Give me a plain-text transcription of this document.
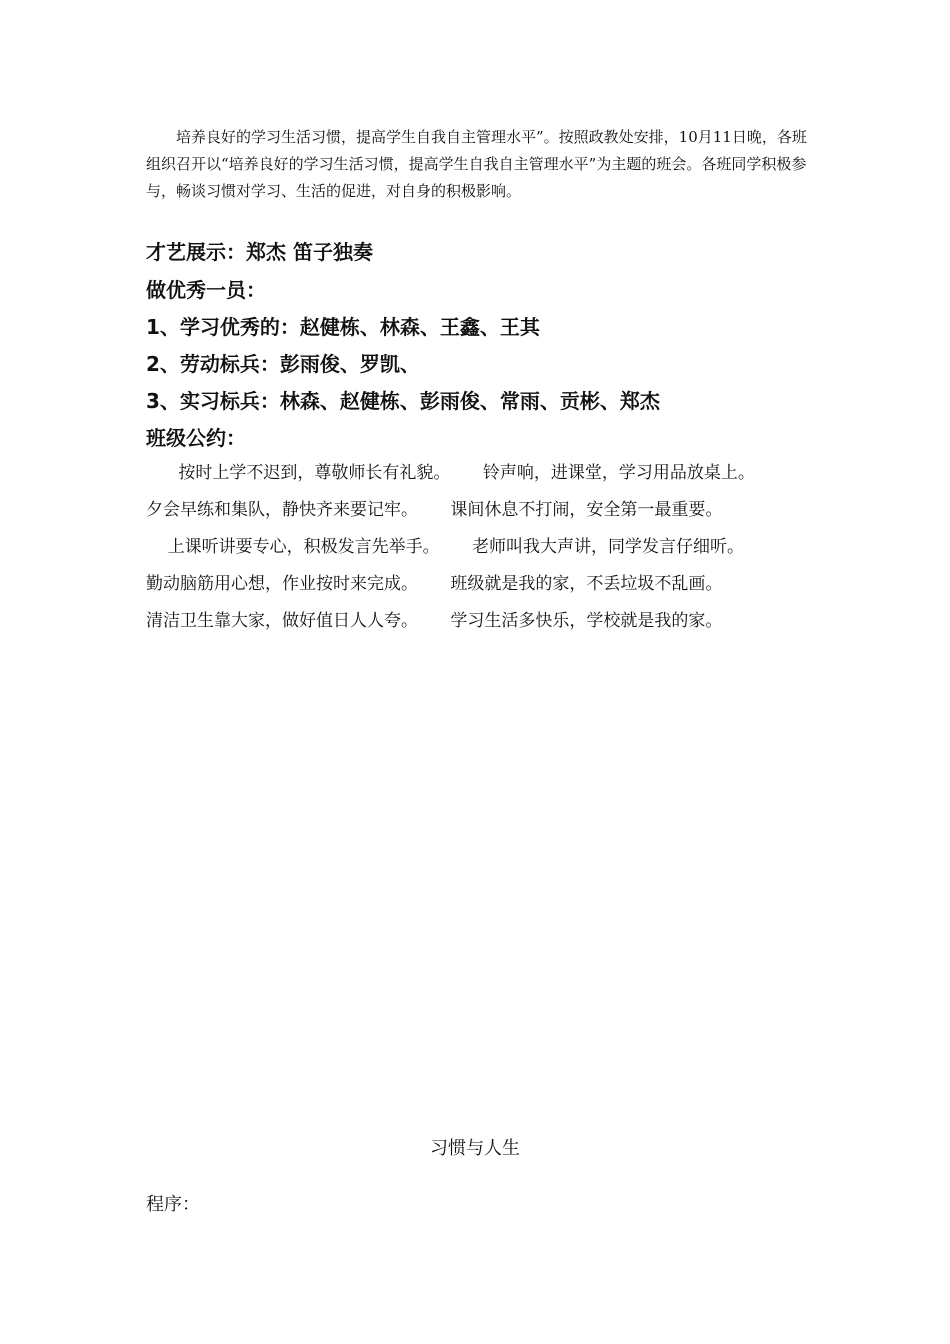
培养良好的学习生活习惯，提高学生自我自主管理水平”。按照政教处安排，10月11日晚，各班组织召开以“培养良好的学习生活习惯，提高学生自我自主管理水平”为主题的班会。各班同学积极参与，畅谈习惯对学习、生活的促进，对自身的积极影响。
才艺展示：郑杰 笛子独奏
做优秀一员：
1、学习优秀的：赵健栋、林森、王鑫、王其
2、劳动标兵：彭雨俊、罗凯、
3、实习标兵：林森、赵健栋、彭雨俊、常雨、贡彬、郑杰
班级公约：
按时上学不迟到，尊敬师长有礼貌。      铃声响，进课堂，学习用品放桌上。
夕会早练和集队，静快齐来要记牢。      课间休息不打闹，安全第一最重要。
上课听讲要专心，积极发言先举手。      老师叫我大声讲，同学发言仔细听。
勤动脑筋用心想，作业按时来完成。      班级就是我的家，不丢垃圾不乱画。
清洁卫生靠大家，做好值日人人夸。      学习生活多快乐，学校就是我的家。
习惯与人生
程序：
